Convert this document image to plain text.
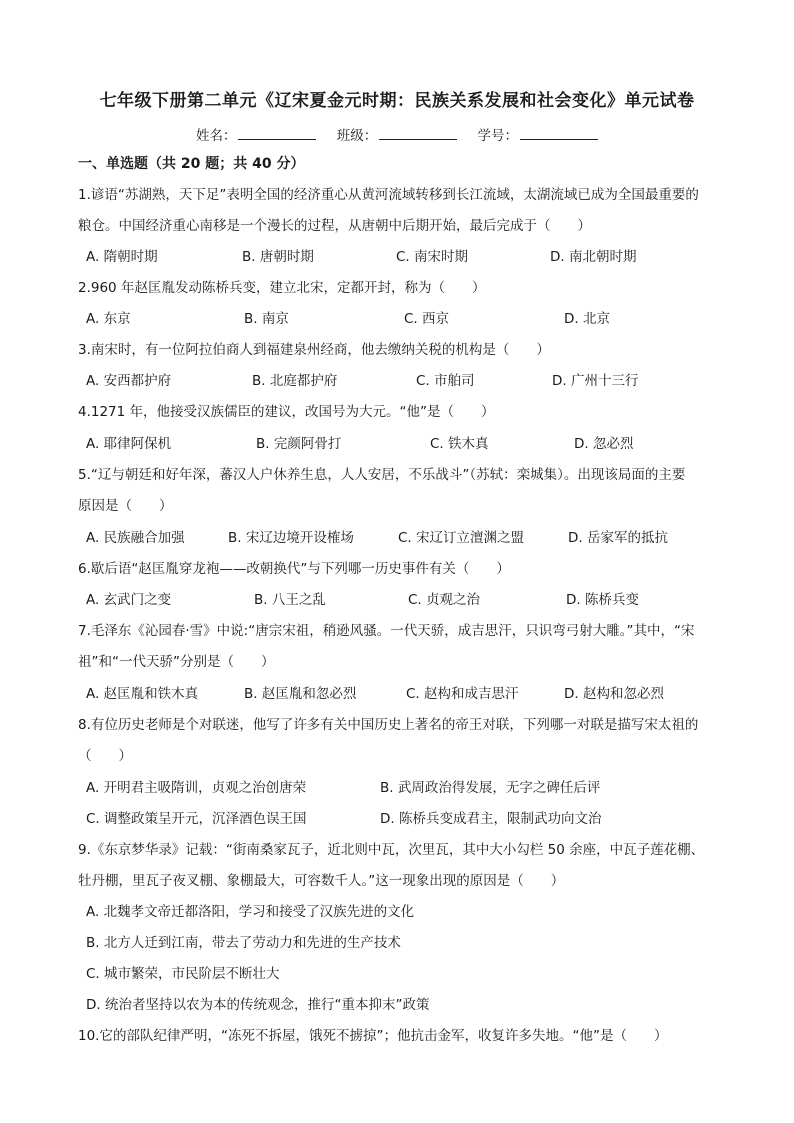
七年级下册第二单元《辽宋夏金元时期：民族关系发展和社会变化》单元试卷
姓名：	班级：	学号：
一、单选题（共 20 题；共 40 分）
1.谚语“苏湖熟，天下足”表明全国的经济重心从黄河流域转移到长江流域，太湖流域已成为全国最重要的
粮仓。中国经济重心南移是一个漫长的过程，从唐朝中后期开始，最后完成于（　　）
A. 隋朝时期	B. 唐朝时期	C. 南宋时期	D. 南北朝时期
2.960 年赵匡胤发动陈桥兵变，建立北宋，定都开封，称为（　　）
A. 东京	B. 南京	C. 西京	D. 北京
3.南宋时，有一位阿拉伯商人到福建泉州经商，他去缴纳关税的机构是（　　）
A. 安西都护府	B. 北庭都护府	C. 市舶司	D. 广州十三行
4.1271 年，他接受汉族儒臣的建议，改国号为大元。“他”是（　　）
A. 耶律阿保机	B. 完颜阿骨打	C. 铁木真	D. 忽必烈
5.“辽与朝廷和好年深，蕃汉人户休养生息，人人安居，不乐战斗”（苏轼：栾城集）。出现该局面的主要
原因是（　　）
A. 民族融合加强	B. 宋辽边境开设榷场	C. 宋辽订立澶渊之盟	D. 岳家军的抵抗
6.歇后语“赵匡胤穿龙袍——改朝换代”与下列哪一历史事件有关（　　）
A. 玄武门之变	B. 八王之乱	C. 贞观之治	D. 陈桥兵变
7.毛泽东《沁园春·雪》中说:“唐宗宋祖，稍逊风骚。一代天骄，成吉思汗，只识弯弓射大雕。”其中，“宋
祖”和“一代天骄”分别是（　　）
A. 赵匡胤和铁木真	B. 赵匡胤和忽必烈	C. 赵构和成吉思汗	D. 赵构和忽必烈
8.有位历史老师是个对联迷，他写了许多有关中国历史上著名的帝王对联，下列哪一对联是描写宋太祖的
（　　）
A. 开明君主吸隋训，贞观之治创唐荣	B. 武周政治得发展，无字之碑任后评
C. 调整政策呈开元，沉泽酒色误王国	D. 陈桥兵变成君主，限制武功向文治
9.《东京梦华录》记载：“街南桑家瓦子，近北则中瓦，次里瓦，其中大小勾栏 50 余座，中瓦子莲花棚、
牡丹棚，里瓦子夜叉棚、象棚最大，可容数千人。”这一现象出现的原因是（　　）
A. 北魏孝文帝迁都洛阳，学习和接受了汉族先进的文化
B. 北方人迁到江南，带去了劳动力和先进的生产技术
C. 城市繁荣，市民阶层不断壮大
D. 统治者坚持以农为本的传统观念，推行“重本抑末”政策
10.它的部队纪律严明，“冻死不拆屋，饿死不掳掠”；他抗击金军，收复许多失地。“他”是（　　）
